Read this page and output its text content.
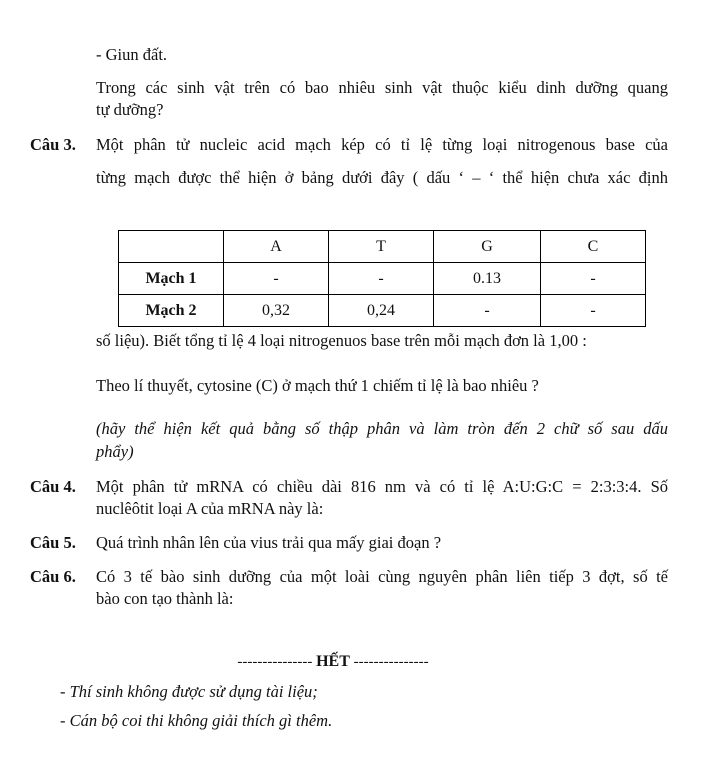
- Giun đất.
Trong các sinh vật trên có bao nhiêu sinh vật thuộc kiểu dinh dưỡng quang
tự dưỡng?
Câu 3. Một phân tử nucleic acid mạch kép có tỉ lệ từng loại nitrogenous base của
từng mạch được thể hiện ở bảng dưới đây ( dấu ‘ – ‘ thể hiện chưa xác định
	A	T	G	C
Mạch 1	-	-	0.13	-
Mạch 2	0,32	0,24	-	-
số liệu). Biết tổng tỉ lệ 4 loại nitrogenuos base trên mỗi mạch đơn là 1,00 :
Theo lí thuyết, cytosine (C) ở mạch thứ 1 chiếm tỉ lệ là bao nhiêu ?
(hãy thể hiện kết quả bằng số thập phân và làm tròn đến 2 chữ số sau dấu
phẩy)
Câu 4. Một phân tử mRNA có chiều dài 816 nm và có tỉ lệ A:U:G:C = 2:3:3:4. Số
nuclêôtit loại A của mRNA này là:
Câu 5. Quá trình nhân lên của vius trải qua mấy giai đoạn ?
Câu 6. Có 3 tế bào sinh dưỡng của một loài cùng nguyên phân liên tiếp 3 đợt, số tế
bào con tạo thành là:
--------------- HẾT ---------------
- Thí sinh không được sử dụng tài liệu;
- Cán bộ coi thi không giải thích gì thêm.
